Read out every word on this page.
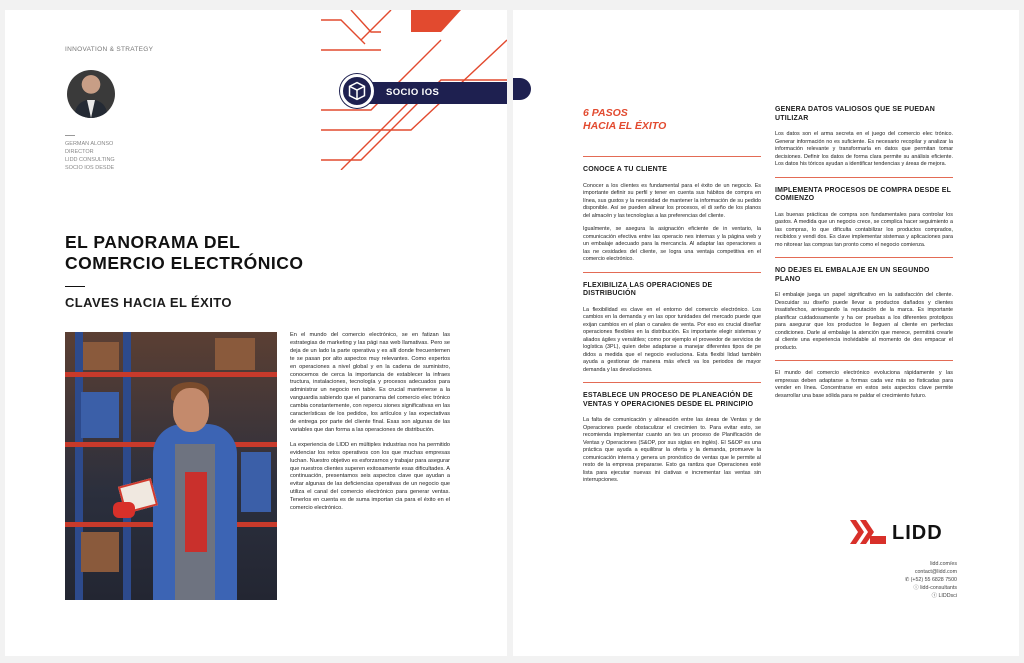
INNOVATION & STRATEGY
GERMAN ALONSO
DIRECTOR
LIDD CONSULTING
SOCIO IOS DESDE
SOCIO IOS
EL PANORAMA DEL
COMERCIO ELECTRÓNICO
CLAVES HACIA EL ÉXITO

En el mundo del comercio electrónico, se en fatizan las estrategias de marketing y las pági nas web llamativas. Pero se deja de un lado la parte operativa y es allí donde frecuentemen te se pasan por alto aspectos muy relevantes. Como expertos en operaciones a nivel global y en la cadena de suministro, conocemos de cerca la importancia de establecer la infraes tructura, instalaciones, tecnología y procesos adecuados para administrar un negocio ren table. Es crucial mantenerse a la vanguardia sabiendo que el panorama del comercio elec trónico cambia constantemente, con repercu siones significativas en las características de los pedidos, los artículos y las expectativas de entrega por parte del cliente final. Esas son algunas de las variables que dan forma a las operaciones de distribución.

La experiencia de LIDD en múltiples industrias nos ha permitido evidenciar los retos operativos con los que muchas empresas luchan. Nuestro objetivo es esforzarnos y trabajar para asegurar que nuestros clientes superen exitosamente esas dificultades. A continuación, presentamos seis aspectos clave que ayudan a evitar algunas de las deficiencias operativas de un negocio que utiliza el canal del comercio electrónico para generar ventas. Tenerlos en cuenta es de suma importan cia para el éxito en el comercio electrónico.

6 PASOS
HACIA EL ÉXITO
CONOCE A TU CLIENTE

Conocer a los clientes es fundamental para el éxito de un negocio. Es importante definir su perfil y tener en cuenta sus hábitos de compra en línea, sus gustos y la necesidad de mantener la información de su pedido disponible. Así se pueden alinear los procesos, el di seño de los planos del almacén y las tecnologías a las preferencias del cliente.

Igualmente, se asegura la asignación eficiente de in ventario, la comunicación efectiva entre las operacio nes internas y la página web y un embalaje adecuado para la mercancía. Al adaptar las operaciones a las ne cesidades del cliente, se logra una ventaja competitiva en el comercio electrónico.

FLEXIBILIZA LAS OPERACIONES DE DISTRIBUCIÓN

La flexibilidad es clave en el entorno del comercio electrónico. Los cambios en la demanda y en las opor tunidades del mercado puede que exijan cambios en el plan o canales de venta. Por eso es crucial diseñar operaciones flexibles en la distribución. Es importante elegir sistemas y aliados ágiles y versátiles; como por ejemplo el proveedor de servicios de logística (3PL), quien debe adaptarse a manejar diferentes tipos de pe didos a medida que el negocio evoluciona. Esta flexibi lidad también ayuda a gestionar de manera más efecti va los periodos de mayor demanda y las devoluciones.

ESTABLECE UN PROCESO DE PLANEACIÓN DE VENTAS Y OPERACIONES DESDE EL PRINCIPIO

La falta de comunicación y alineación entre las áreas de Ventas y de Operaciones puede obstaculizar el crecimien to. Para evitar esto, se recomienda implementar cuanto an tes un proceso de Planificación de Ventas y Operaciones (S&OP, por sus siglas en inglés). El S&OP es una práctica que ayuda a equilibrar la oferta y la demanda, promueve la comunicación interna y genera un pronóstico de ventas que le permite al resto de la empresa prepararse. Esto ga rantiza que Operaciones esté lista para ejecutar nuevas ini ciativas e incrementar las ventas sin interrupciones.

GENERA DATOS VALIOSOS QUE SE PUEDAN UTILIZAR

Los datos son el arma secreta en el juego del comercio elec trónico. Generar información no es suficiente. Es necesario recopilar y analizar la información relevante y transformarla en datos que permitan tomar decisiones. Definir los datos de forma clara permite su análisis eficiente. Los datos his tóricos ayudan a identificar tendencias y áreas de mejora.

IMPLEMENTA PROCESOS DE COMPRA DESDE EL COMIENZO

Las buenas prácticas de compra son fundamentales para controlar los gastos. A medida que un negocio crece, se complica hacer seguimiento a las compras, lo que dificulta contabilizar los productos comprados, recibidos y vendi dos. Es clave implementar sistemas y aplicaciones para mo nitorear las compras tan pronto como el negocio comienza.

NO DEJES EL EMBALAJE EN UN SEGUNDO PLANO

El embalaje juega un papel significativo en la satisfacción del cliente. Descuidar su diseño puede llevar a productos dañados y clientes insatisfechos, arriesgando la reputación de la marca. Es importante planificar cuidadosamente y ha cer pruebas a los diferentes prototipos para asegurar que los productos le lleguen al cliente en perfectas condiciones. Darle al embalaje la atención que merece, permitirá crearle al cliente una experiencia inolvidable al momento de des empacar el producto.

El mundo del comercio electrónico evoluciona rápidamente y las empresas deben adaptarse a formas cada vez más so fisticadas para vender en línea. Concentrarse en estos seis aspectos clave permite desarrollar una base sólida para re paldar el crecimiento futuro.
LIDD
lidd.com/es
contact@lidd.com
✆ (+52) 55 6828 7500
ⓘ lidd-consultants
ⓣ LIDDsci
